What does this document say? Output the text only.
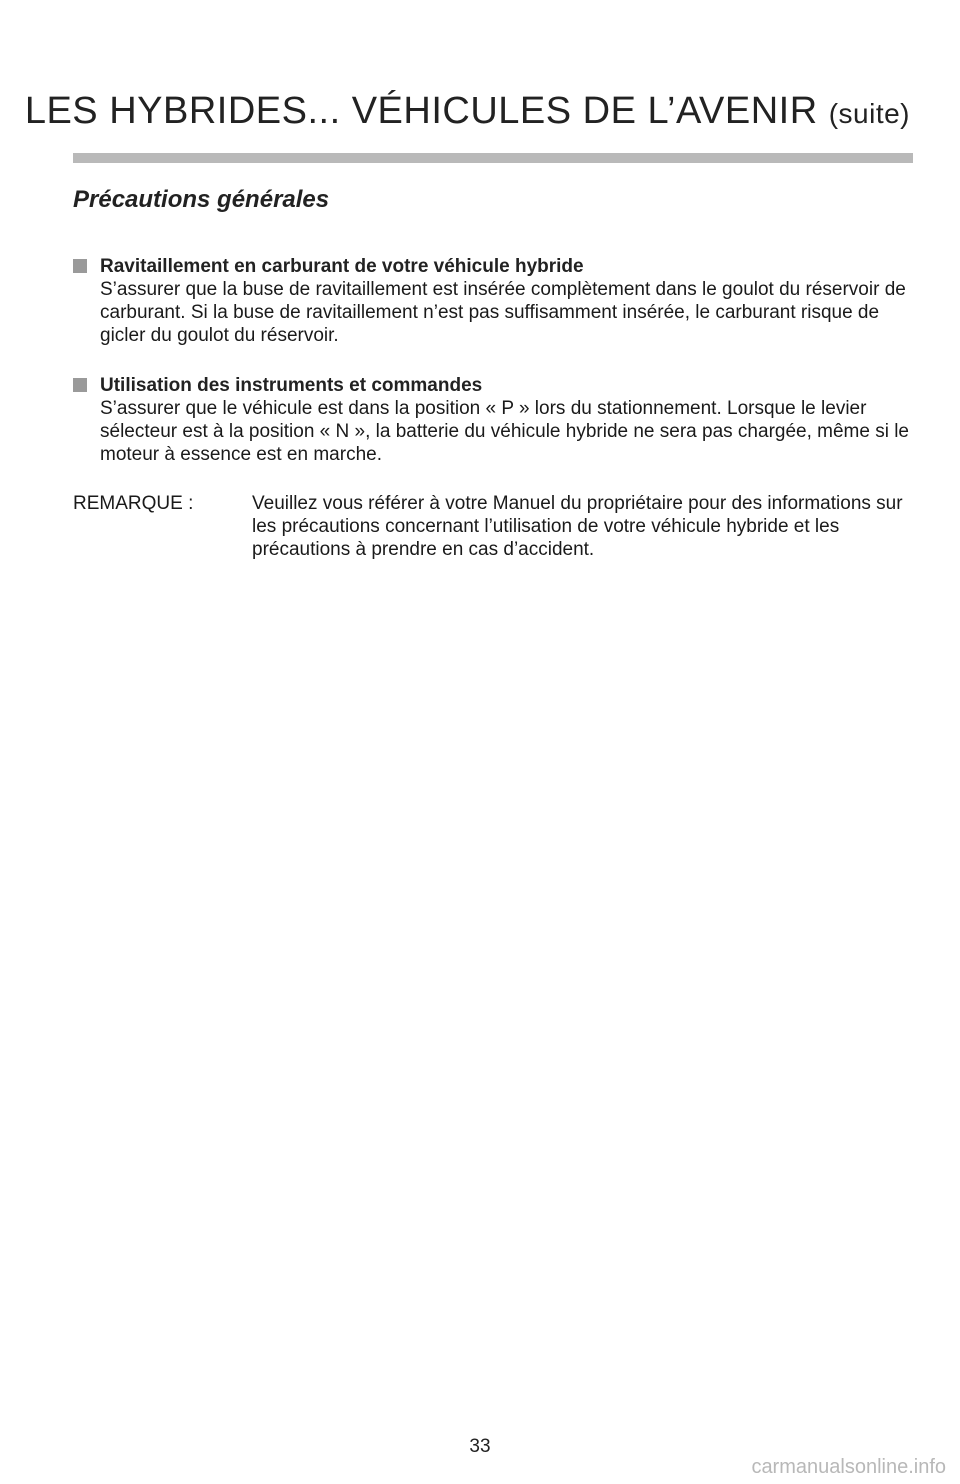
LES HYBRIDES... VÉHICULES DE L’AVENIR (suite)
Précautions générales
Ravitaillement en carburant de votre véhicule hybride
S’assurer que la buse de ravitaillement est insérée complètement dans le goulot du réservoir de carburant. Si la buse de ravitaillement n’est pas suffisamment insérée, le carburant risque de gicler du goulot du réservoir.
Utilisation des instruments et commandes
S’assurer que le véhicule est dans la position « P » lors du stationnement. Lorsque le levier sélecteur est à la position « N », la batterie du véhicule hybride ne sera pas chargée, même si le moteur à essence est en marche.
REMARQUE :	Veuillez vous référer à votre Manuel du propriétaire pour des informations sur les précautions concernant l’utilisation de votre véhicule hybride et les précautions à prendre en cas d’accident.
33
carmanualsonline.info
